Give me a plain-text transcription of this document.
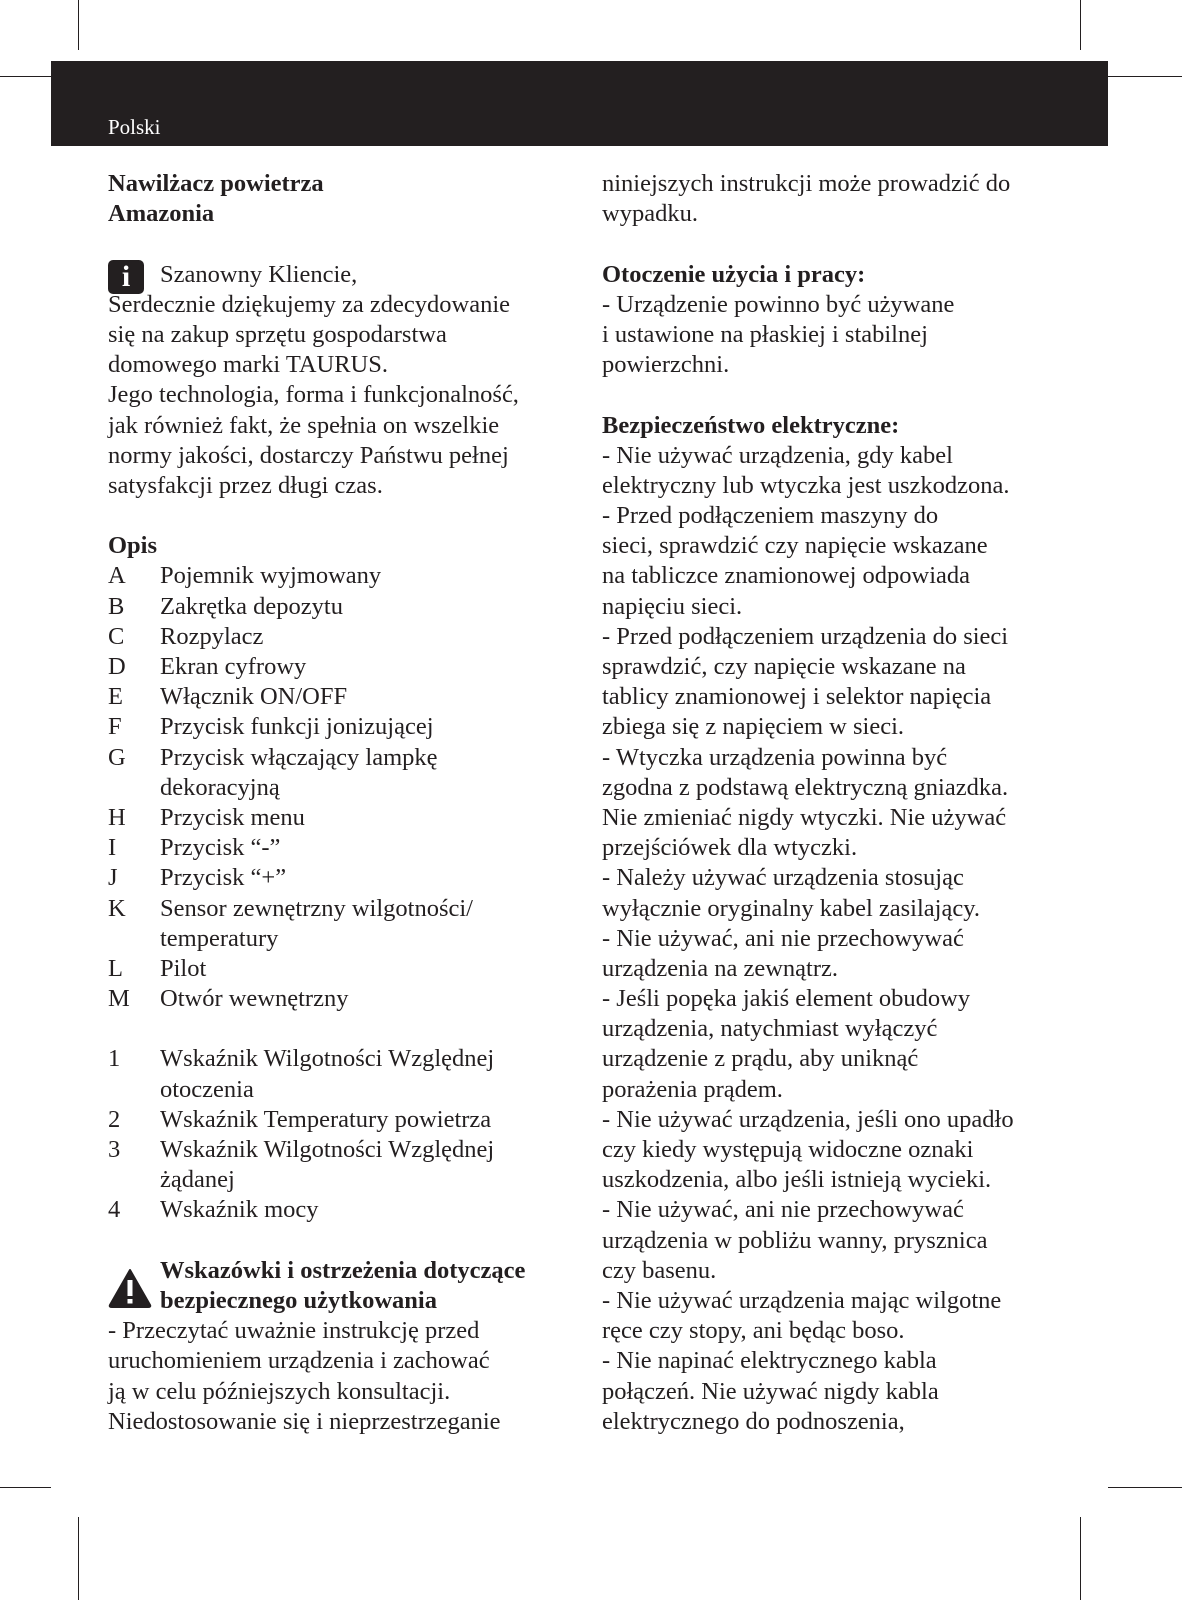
Polski
Nawilżacz powietrza
Amazonia
i Szanowny Kliencie,
Serdecznie dziękujemy za zdecydowanie
się na zakup sprzętu gospodarstwa
domowego marki TAURUS.
Jego technologia, forma i funkcjonalność,
jak również fakt, że spełnia on wszelkie
normy jakości, dostarczy Państwu pełnej
satysfakcji przez długi czas.
Opis
A Pojemnik wyjmowany
B Zakrętka depozytu
C Rozpylacz
D Ekran cyfrowy
E Włącznik ON/OFF
F Przycisk funkcji jonizującej
G Przycisk włączający lampkę
dekoracyjną
H Przycisk menu
I Przycisk “-”
J Przycisk “+”
K Sensor zewnętrzny wilgotności/
temperatury
L Pilot
M Otwór wewnętrzny
1 Wskaźnik Wilgotności Względnej
otoczenia
2 Wskaźnik Temperatury powietrza
3 Wskaźnik Wilgotności Względnej
żądanej
4 Wskaźnik mocy
Wskazówki i ostrzeżenia dotyczące
bezpiecznego użytkowania
- Przeczytać uważnie instrukcję przed
uruchomieniem urządzenia i zachować
ją w celu późniejszych konsultacji.
Niedostosowanie się i nieprzestrzeganie
niniejszych instrukcji może prowadzić do
wypadku.
Otoczenie użycia i pracy:
- Urządzenie powinno być używane
i ustawione na płaskiej i stabilnej
powierzchni.
Bezpieczeństwo elektryczne:
- Nie używać urządzenia, gdy kabel
elektryczny lub wtyczka jest uszkodzona.
- Przed podłączeniem maszyny do
sieci, sprawdzić czy napięcie wskazane
na tabliczce znamionowej odpowiada
napięciu sieci.
- Przed podłączeniem urządzenia do sieci
sprawdzić, czy napięcie wskazane na
tablicy znamionowej i selektor napięcia
zbiega się z napięciem w sieci.
- Wtyczka urządzenia powinna być
zgodna z podstawą elektryczną gniazdka.
Nie zmieniać nigdy wtyczki. Nie używać
przejściówek dla wtyczki.
- Należy używać urządzenia stosując
wyłącznie oryginalny kabel zasilający.
- Nie używać, ani nie przechowywać
urządzenia na zewnątrz.
- Jeśli popęka jakiś element obudowy
urządzenia, natychmiast wyłączyć
urządzenie z prądu, aby uniknąć
porażenia prądem.
- Nie używać urządzenia, jeśli ono upadło
czy kiedy występują widoczne oznaki
uszkodzenia, albo jeśli istnieją wycieki.
- Nie używać, ani nie przechowywać
urządzenia w pobliżu wanny, prysznica
czy basenu.
- Nie używać urządzenia mając wilgotne
ręce czy stopy, ani będąc boso.
- Nie napinać elektrycznego kabla
połączeń. Nie używać nigdy kabla
elektrycznego do podnoszenia,
